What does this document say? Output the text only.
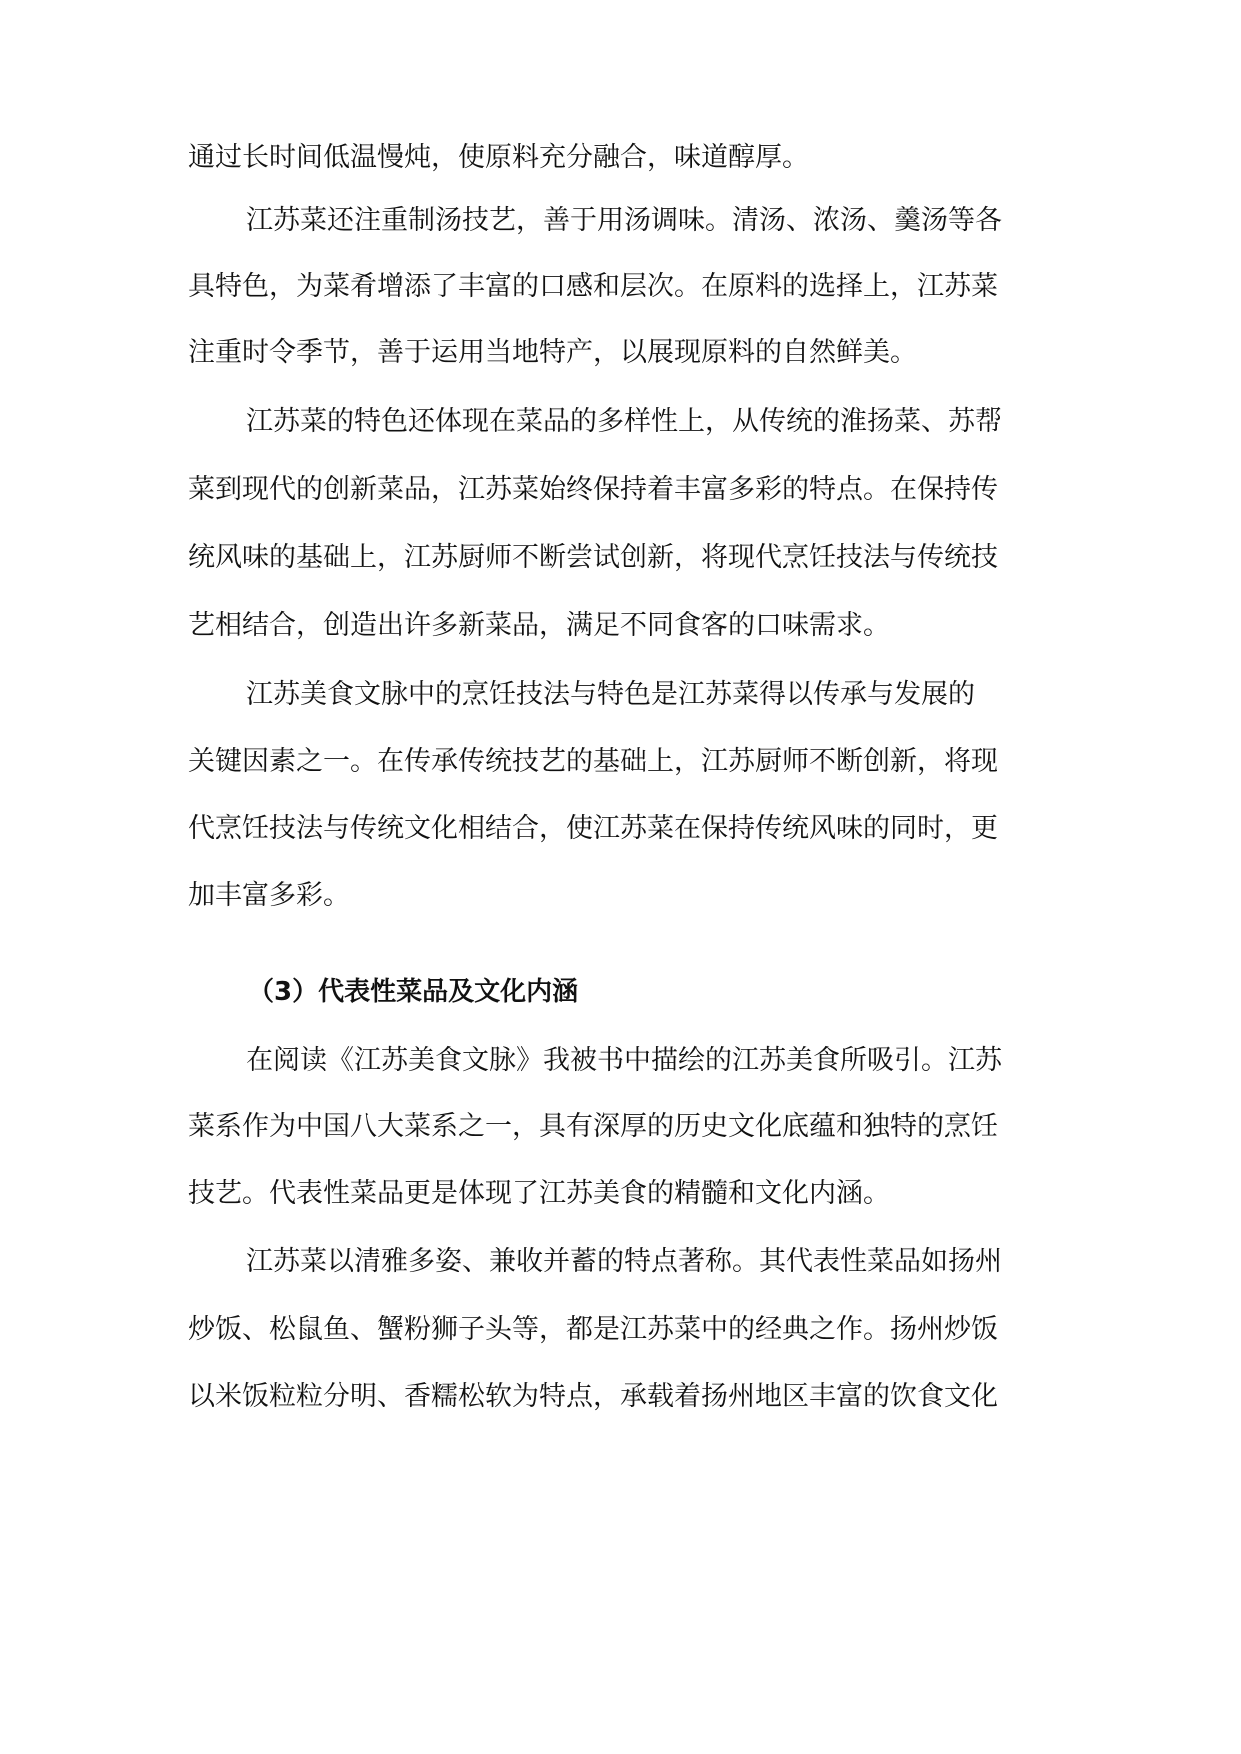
通过长时间低温慢炖，使原料充分融合，味道醇厚。
江苏菜还注重制汤技艺，善于用汤调味。清汤、浓汤、羹汤等各
具特色，为菜肴增添了丰富的口感和层次。在原料的选择上，江苏菜
注重时令季节，善于运用当地特产，以展现原料的自然鲜美。
江苏菜的特色还体现在菜品的多样性上，从传统的淮扬菜、苏帮
菜到现代的创新菜品，江苏菜始终保持着丰富多彩的特点。在保持传
统风味的基础上，江苏厨师不断尝试创新，将现代烹饪技法与传统技
艺相结合，创造出许多新菜品，满足不同食客的口味需求。
江苏美食文脉中的烹饪技法与特色是江苏菜得以传承与发展的
关键因素之一。在传承传统技艺的基础上，江苏厨师不断创新，将现
代烹饪技法与传统文化相结合，使江苏菜在保持传统风味的同时，更
加丰富多彩。
（3）代表性菜品及文化内涵
在阅读《江苏美食文脉》我被书中描绘的江苏美食所吸引。江苏
菜系作为中国八大菜系之一，具有深厚的历史文化底蕴和独特的烹饪
技艺。代表性菜品更是体现了江苏美食的精髓和文化内涵。
江苏菜以清雅多姿、兼收并蓄的特点著称。其代表性菜品如扬州
炒饭、松鼠鱼、蟹粉狮子头等，都是江苏菜中的经典之作。扬州炒饭
以米饭粒粒分明、香糯松软为特点，承载着扬州地区丰富的饮食文化
